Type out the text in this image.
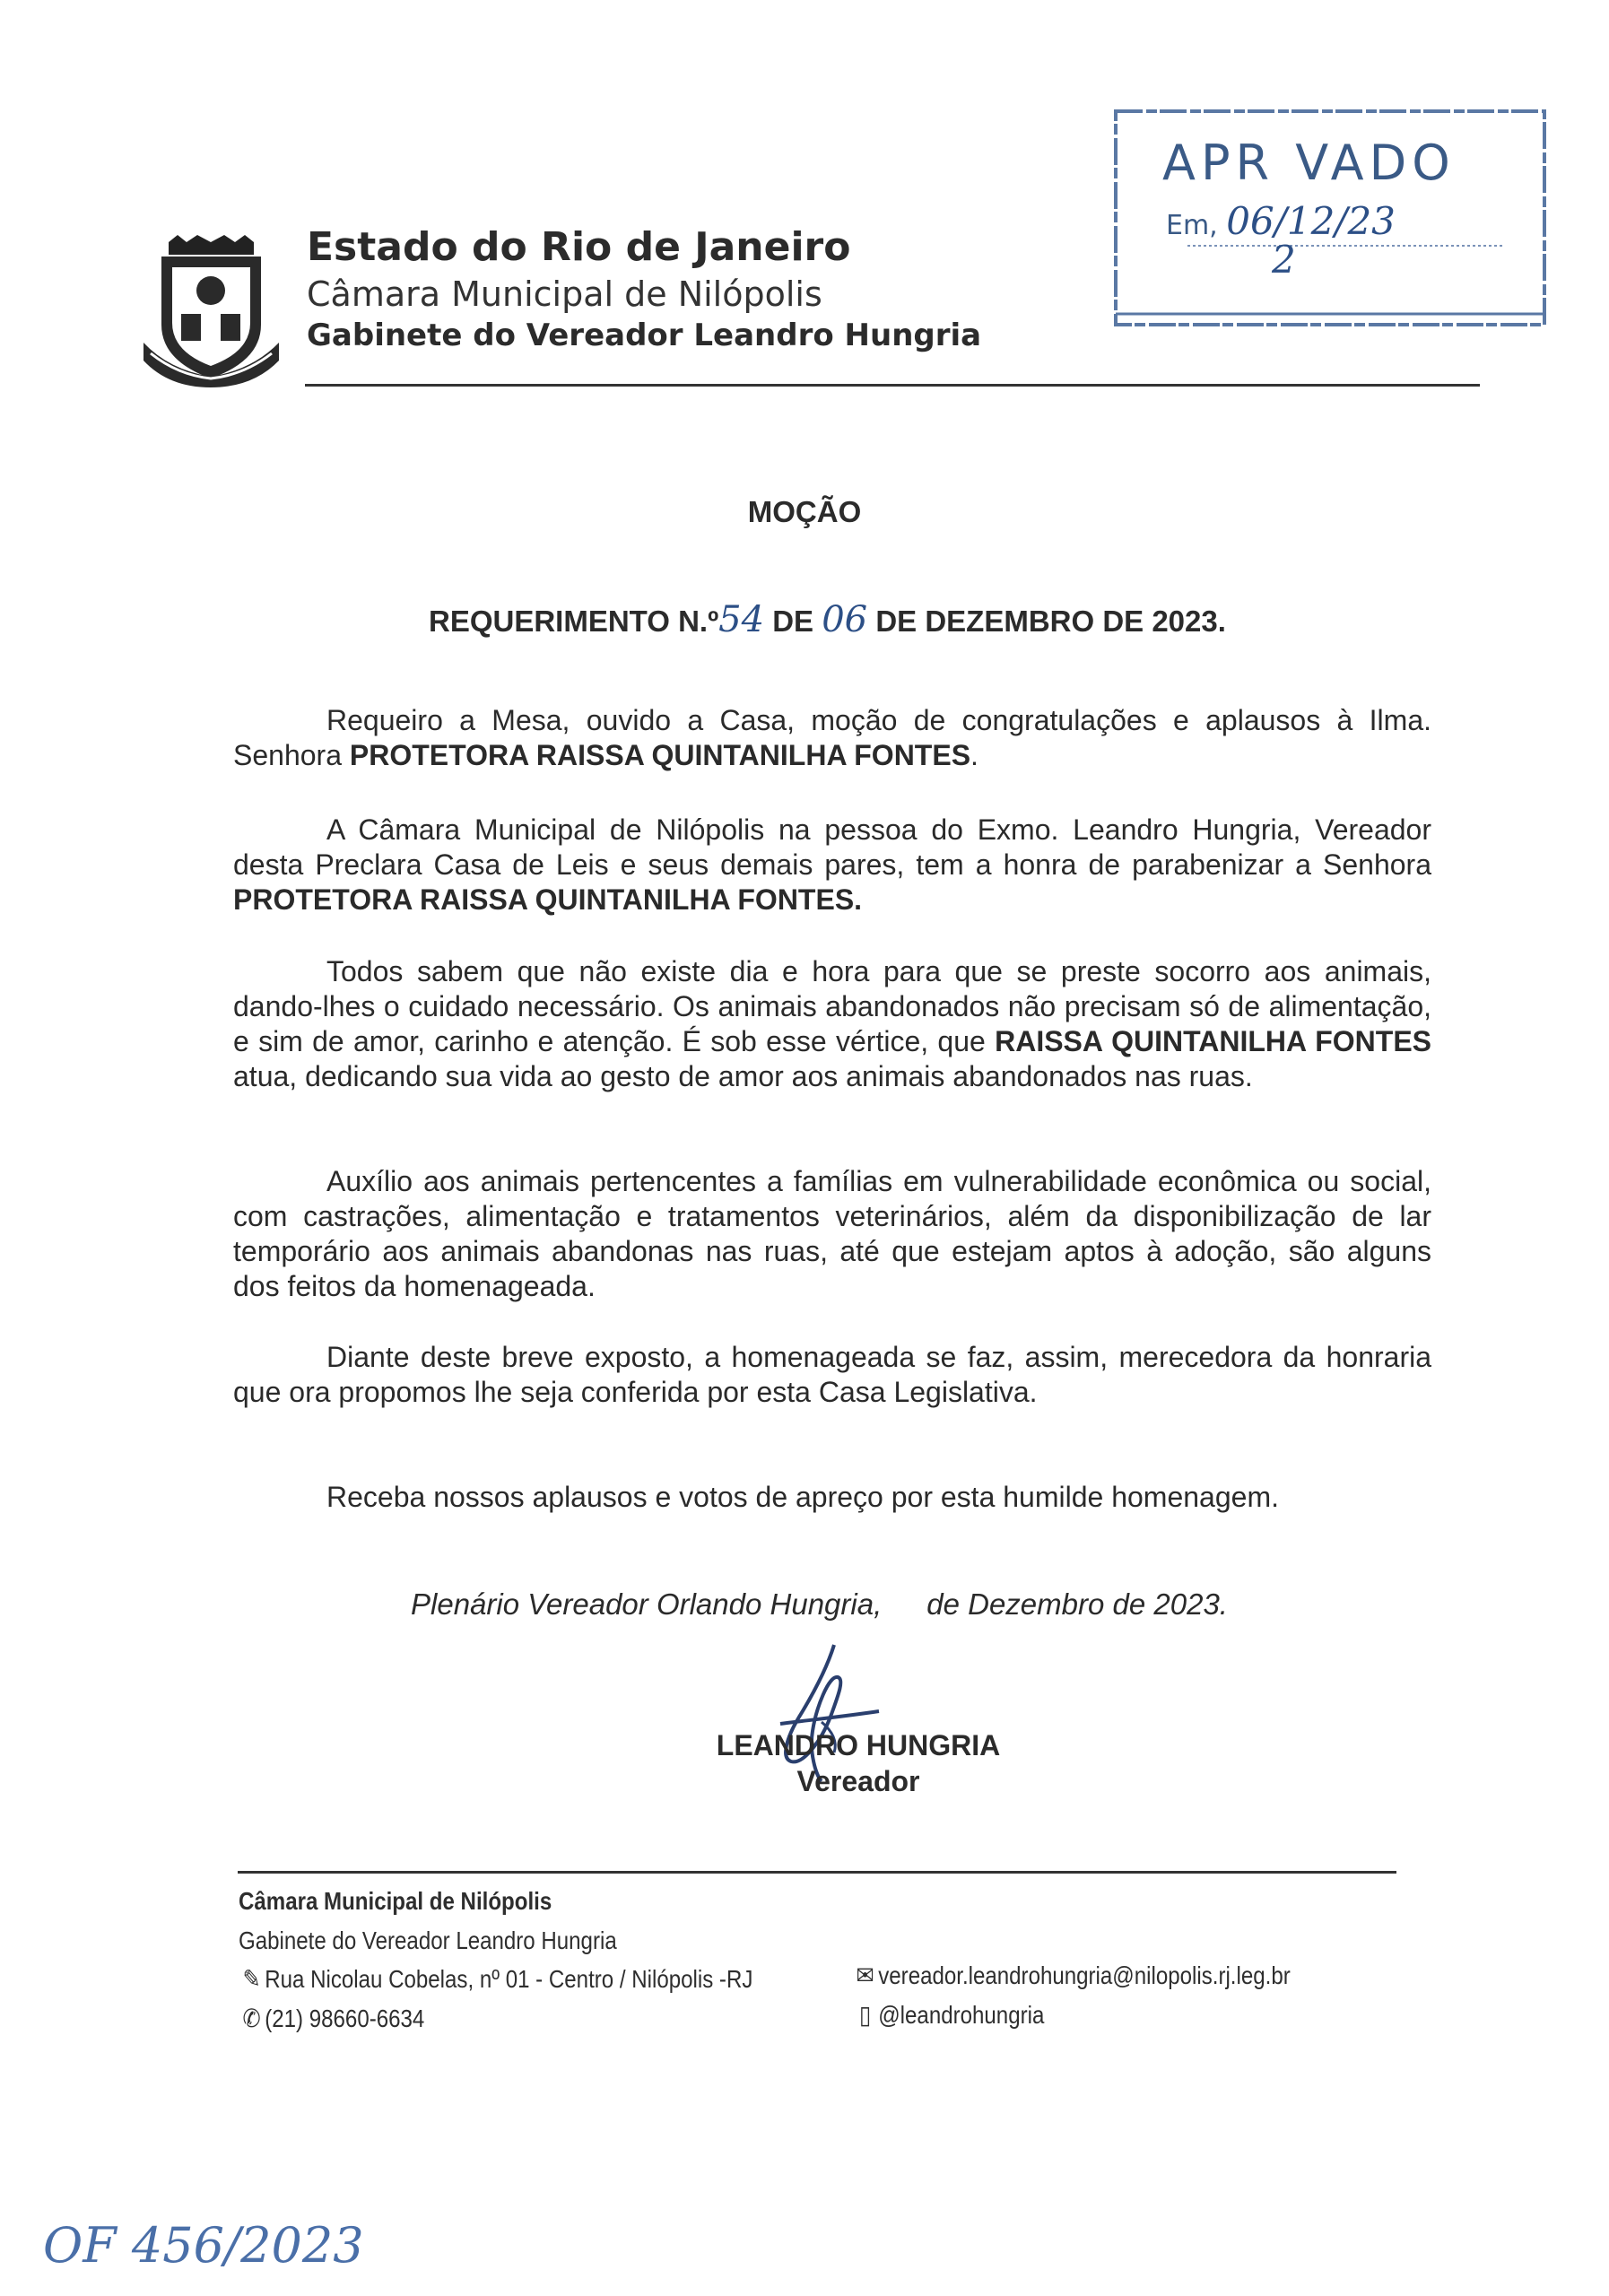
Estado do Rio de Janeiro
Câmara Municipal de Nilópolis
Gabinete do Vereador Leandro Hungria
APR VADO
Em, 06/12/23
2
MOÇÃO
REQUERIMENTO N.º54 DE 06 DE DEZEMBRO DE 2023.

Requeiro a Mesa, ouvido a Casa, moção de congratulações e aplausos à Ilma. Senhora PROTETORA RAISSA QUINTANILHA FONTES.

A Câmara Municipal de Nilópolis na pessoa do Exmo. Leandro Hungria, Vereador desta Preclara Casa de Leis e seus demais pares, tem a honra de parabenizar a Senhora PROTETORA RAISSA QUINTANILHA FONTES.

Todos sabem que não existe dia e hora para que se preste socorro aos animais, dando-lhes o cuidado necessário. Os animais abandonados não precisam só de alimentação, e sim de amor, carinho e atenção. É sob esse vértice, que RAISSA QUINTANILHA FONTES atua, dedicando sua vida ao gesto de amor aos animais abandonados nas ruas.

Auxílio aos animais pertencentes a famílias em vulnerabilidade econômica ou social, com castrações, alimentação e tratamentos veterinários, além da disponibilização de lar temporário aos animais abandonas nas ruas, até que estejam aptos à adoção, são alguns dos feitos da homenageada.

Diante deste breve exposto, a homenageada se faz, assim, merecedora da honraria que ora propomos lhe seja conferida por esta Casa Legislativa.

Receba nossos aplausos e votos de apreço por esta humilde homenagem.

Plenário Vereador Orlando Hungria, de Dezembro de 2023.
LEANDRO HUNGRIA
Vereador
Câmara Municipal de Nilópolis
Gabinete do Vereador Leandro Hungria
✎ Rua Nicolau Cobelas, nº 01 - Centro / Nilópolis -RJ
✆ (21) 98660-6634
✉ vereador.leandrohungria@nilopolis.rj.leg.br
▯ @leandrohungria
OF 456/2023
